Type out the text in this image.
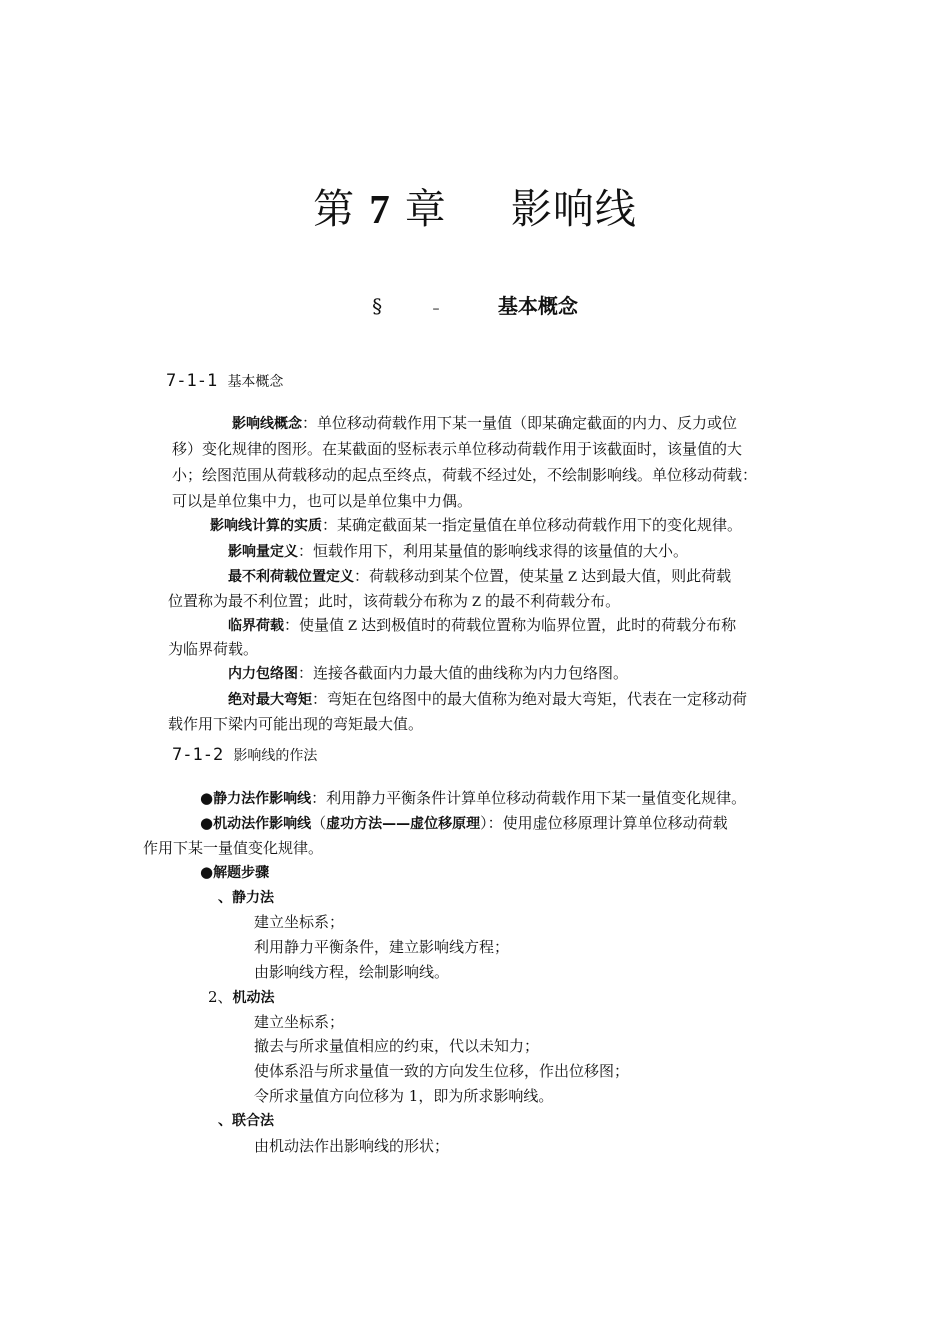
第 7 章 影响线
§	–	基本概念
7-1-1 基本概念
影响线概念：单位移动荷载作用下某一量值（即某确定截面的内力、反力或位
移）变化规律的图形。在某截面的竖标表示单位移动荷载作用于该截面时，该量值的大
小；绘图范围从荷载移动的起点至终点，荷载不经过处，不绘制影响线。单位移动荷载：
可以是单位集中力，也可以是单位集中力偶。
影响线计算的实质：某确定截面某一指定量值在单位移动荷载作用下的变化规律。
影响量定义：恒载作用下，利用某量值的影响线求得的该量值的大小。
最不利荷载位置定义：荷载移动到某个位置，使某量 Z 达到最大值，则此荷载
位置称为最不利位置；此时，该荷载分布称为 Z 的最不利荷载分布。
临界荷载：使量值 Z 达到极值时的荷载位置称为临界位置，此时的荷载分布称
为临界荷载。
内力包络图：连接各截面内力最大值的曲线称为内力包络图。
绝对最大弯矩：弯矩在包络图中的最大值称为绝对最大弯矩，代表在一定移动荷
载作用下梁内可能出现的弯矩最大值。
7-1-2 影响线的作法
●静力法作影响线：利用静力平衡条件计算单位移动荷载作用下某一量值变化规律。
●机动法作影响线（虚功方法——虚位移原理）：使用虚位移原理计算单位移动荷载
作用下某一量值变化规律。
●解题步骤
、静力法
建立坐标系；
利用静力平衡条件，建立影响线方程；
由影响线方程，绘制影响线。
2、机动法
建立坐标系；
撤去与所求量值相应的约束，代以未知力；
使体系沿与所求量值一致的方向发生位移，作出位移图；
令所求量值方向位移为 1，即为所求影响线。
、联合法
由机动法作出影响线的形状；
